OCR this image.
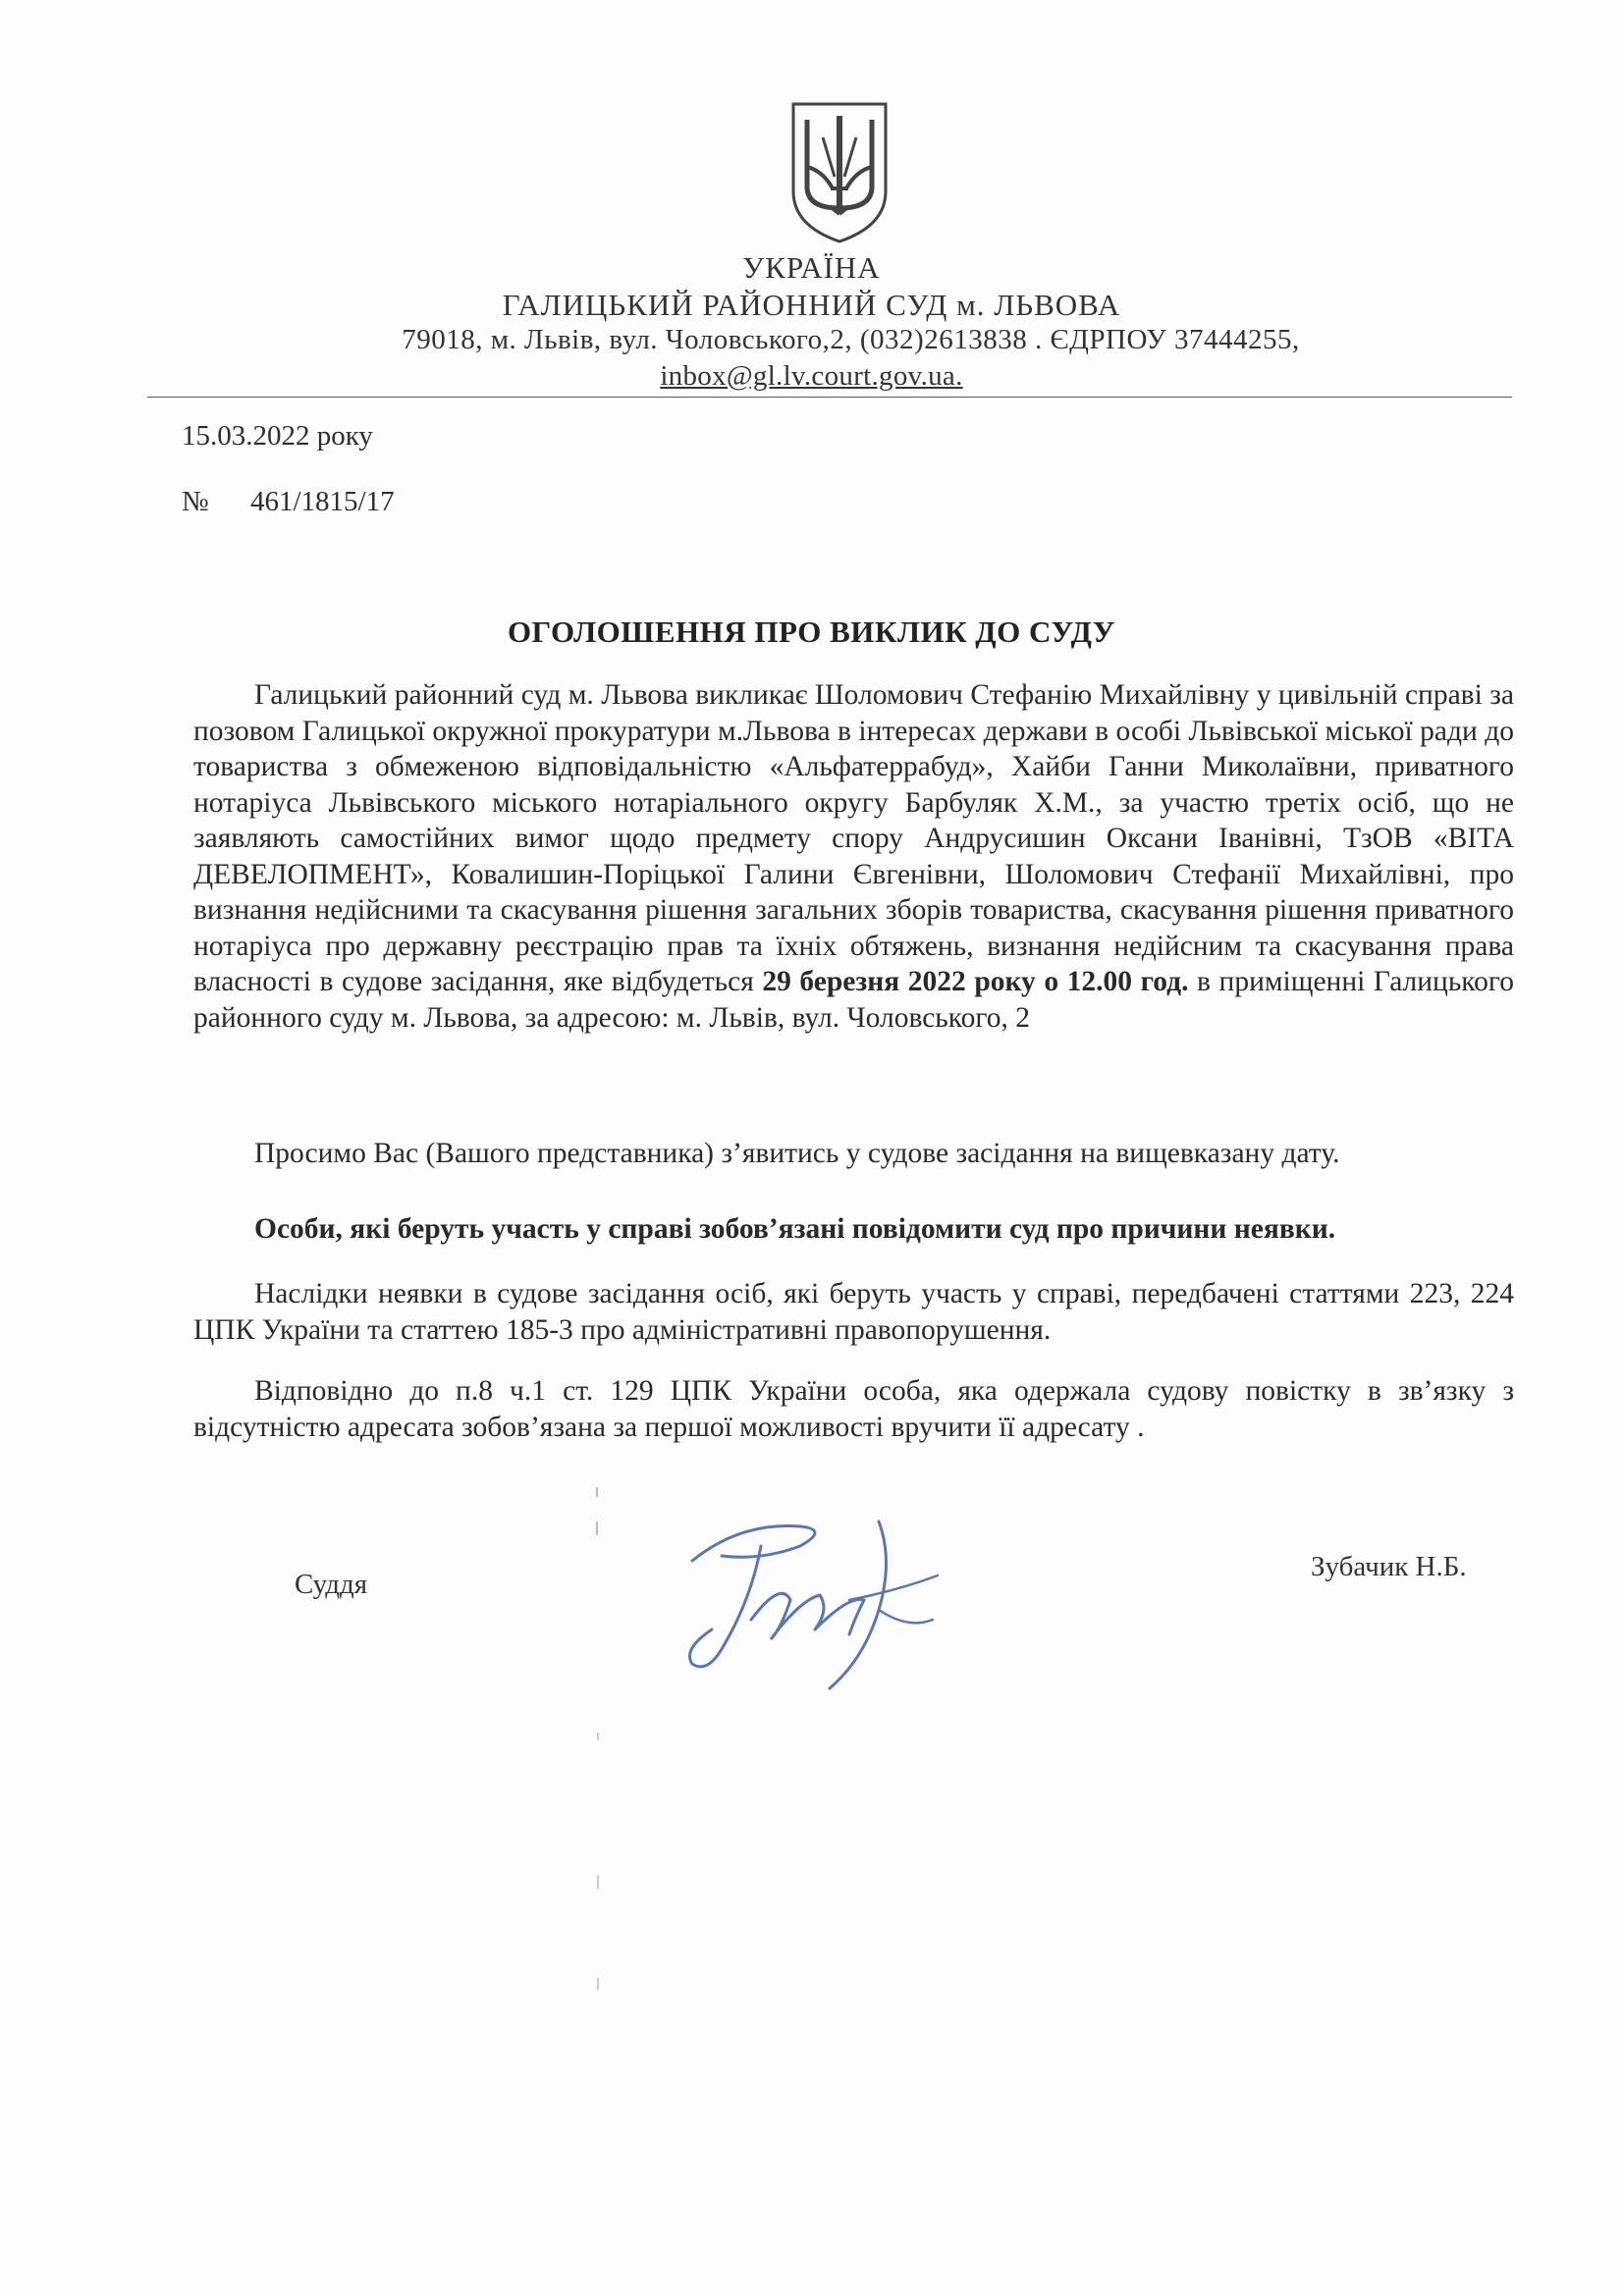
УКРАЇНА
ГАЛИЦЬКИЙ РАЙОННИЙ СУД м. ЛЬВОВА
79018, м. Львів, вул. Чоловського,2, (032)2613838 . ЄДРПОУ 37444255,
inbox@gl.lv.court.gov.ua.
15.03.2022 року
№ 461/1815/17
ОГОЛОШЕННЯ ПРО ВИКЛИК ДО СУДУ

Галицький районний суд м. Львова викликає Шоломович Стефанію Михайлівну у цивільній справі за позовом Галицької окружної прокуратури м.Львова в інтересах держави в особі Львівської міської ради до товариства з обмеженою відповідальністю «Альфатеррабуд», Хайби Ганни Миколаївни, приватного нотаріуса Львівського міського нотаріального округу Барбуляк Х.М., за участю третіх осіб, що не заявляють самостійних вимог щодо предмету спору Андрусишин Оксани Іванівні, ТзОВ «ВІТА ДЕВЕЛОПМЕНТ», Ковалишин-Поріцької Галини Євгенівни, Шоломович Стефанії Михайлівні, про визнання недійсними та скасування рішення загальних зборів товариства, скасування рішення приватного нотаріуса про державну реєстрацію прав та їхніх обтяжень, визнання недійсним та скасування права власності в судове засідання, яке відбудеться 29 березня 2022 року о 12.00 год. в приміщенні Галицького районного суду м. Львова, за адресою: м. Львів, вул. Чоловського, 2

Просимо Вас (Вашого представника) з’явитись у судове засідання на вищевказану дату.

Особи, які беруть участь у справі зобов’язані повідомити суд про причини неявки.

Наслідки неявки в судове засідання осіб, які беруть участь у справі, передбачені статтями 223, 224 ЦПК України та статтею 185-3 про адміністративні правопорушення.

Відповідно до п.8 ч.1 ст. 129 ЦПК України особа, яка одержала судову повістку в зв’язку з відсутністю адресата зобов’язана за першої можливості вручити її адресату .

Суддя
Зубачик Н.Б.
